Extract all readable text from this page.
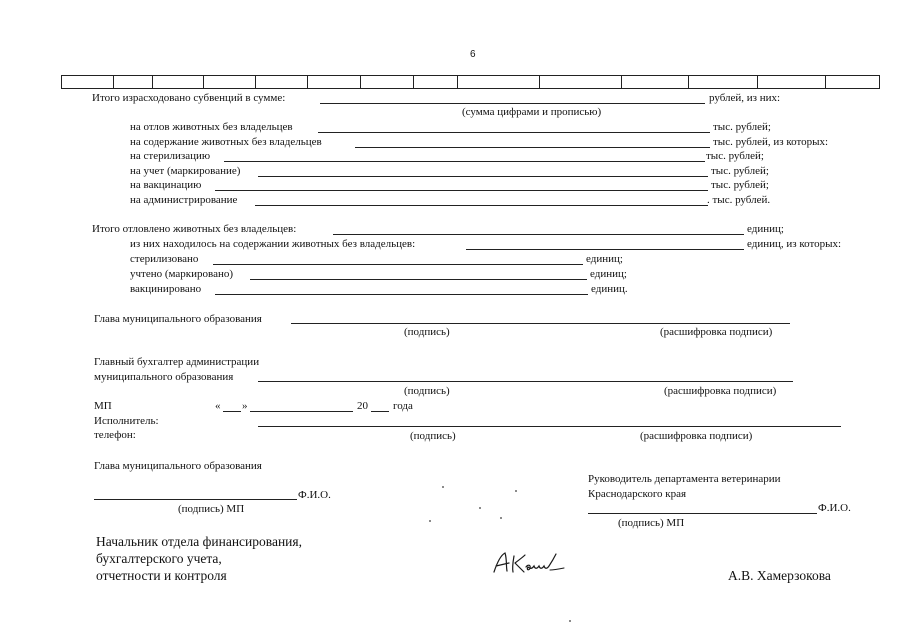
6
Итого израсходовано субвенций в сумме:	рублей, из них:
(сумма цифрами и прописью)
на отлов животных без владельцев	тыс. рублей;
на содержание животных без владельцев	тыс. рублей, из которых:
на стерилизацию	тыс. рублей;
на учет (маркирование)	тыс. рублей;
на вакцинацию	тыс. рублей;
на администрирование	. тыс. рублей.
Итого отловлено животных без владельцев:	единиц;
из них находилось на содержании животных без владельцев:	единиц, из которых:
стерилизовано	единиц;
учтено (маркировано)	единиц;
вакцинировано	единиц.
Глава муниципального образования
(подпись)	(расшифровка подписи)
Главный бухгалтер администрации
муниципального образования
(подпись)	(расшифровка подписи)
МП	« »	20 года
Исполнитель:
телефон:	(подпись)	(расшифровка подписи)
Глава муниципального образования
Ф.И.О.
(подпись) МП
Руководитель департамента ветеринарии
Краснодарского края
Ф.И.О.
(подпись) МП
Начальник отдела финансирования,
бухгалтерского учета,
отчетности и контроля	А.В. Хамерзокова
